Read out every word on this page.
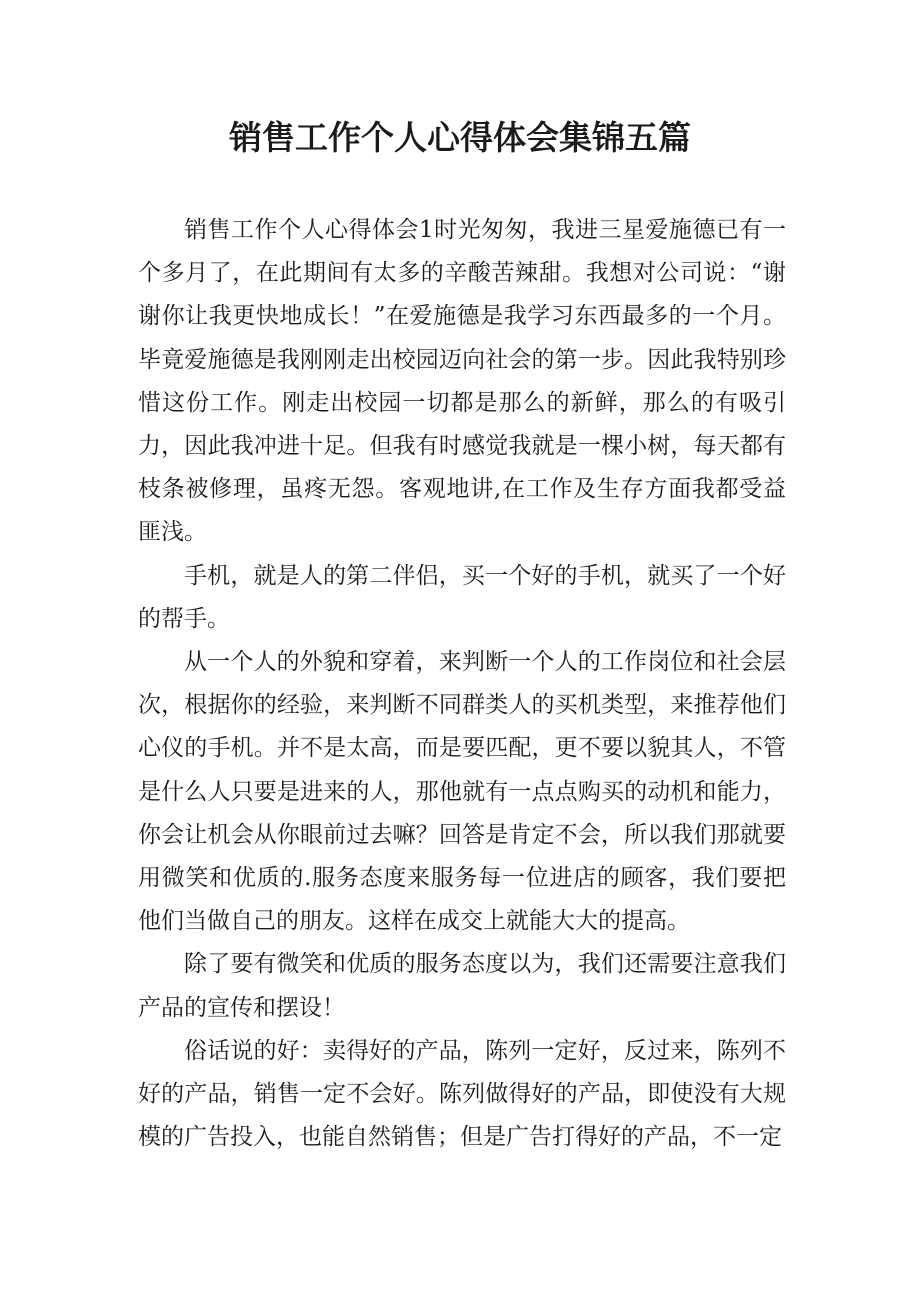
销售工作个人心得体会集锦五篇

销售工作个人心得体会1时光匆匆，我进三星爱施德已有一个多月了，在此期间有太多的辛酸苦辣甜。我想对公司说：“谢谢你让我更快地成长！”在爱施德是我学习东西最多的一个月。毕竟爱施德是我刚刚走出校园迈向社会的第一步。因此我特别珍惜这份工作。刚走出校园一切都是那么的新鲜，那么的有吸引力，因此我冲进十足。但我有时感觉我就是一棵小树，每天都有枝条被修理，虽疼无怨。客观地讲,在工作及生存方面我都受益匪浅。

手机，就是人的第二伴侣，买一个好的手机，就买了一个好的帮手。

从一个人的外貌和穿着，来判断一个人的工作岗位和社会层次，根据你的经验，来判断不同群类人的买机类型，来推荐他们心仪的手机。并不是太高，而是要匹配，更不要以貌其人，不管是什么人只要是进来的人，那他就有一点点购买的动机和能力，你会让机会从你眼前过去嘛？回答是肯定不会，所以我们那就要用微笑和优质的.服务态度来服务每一位进店的顾客，我们要把他们当做自己的朋友。这样在成交上就能大大的提高。

除了要有微笑和优质的服务态度以为，我们还需要注意我们产品的宣传和摆设！

俗话说的好：卖得好的产品，陈列一定好，反过来，陈列不好的产品，销售一定不会好。陈列做得好的产品，即使没有大规模的广告投入，也能自然销售；但是广告打得好的产品，不一定
